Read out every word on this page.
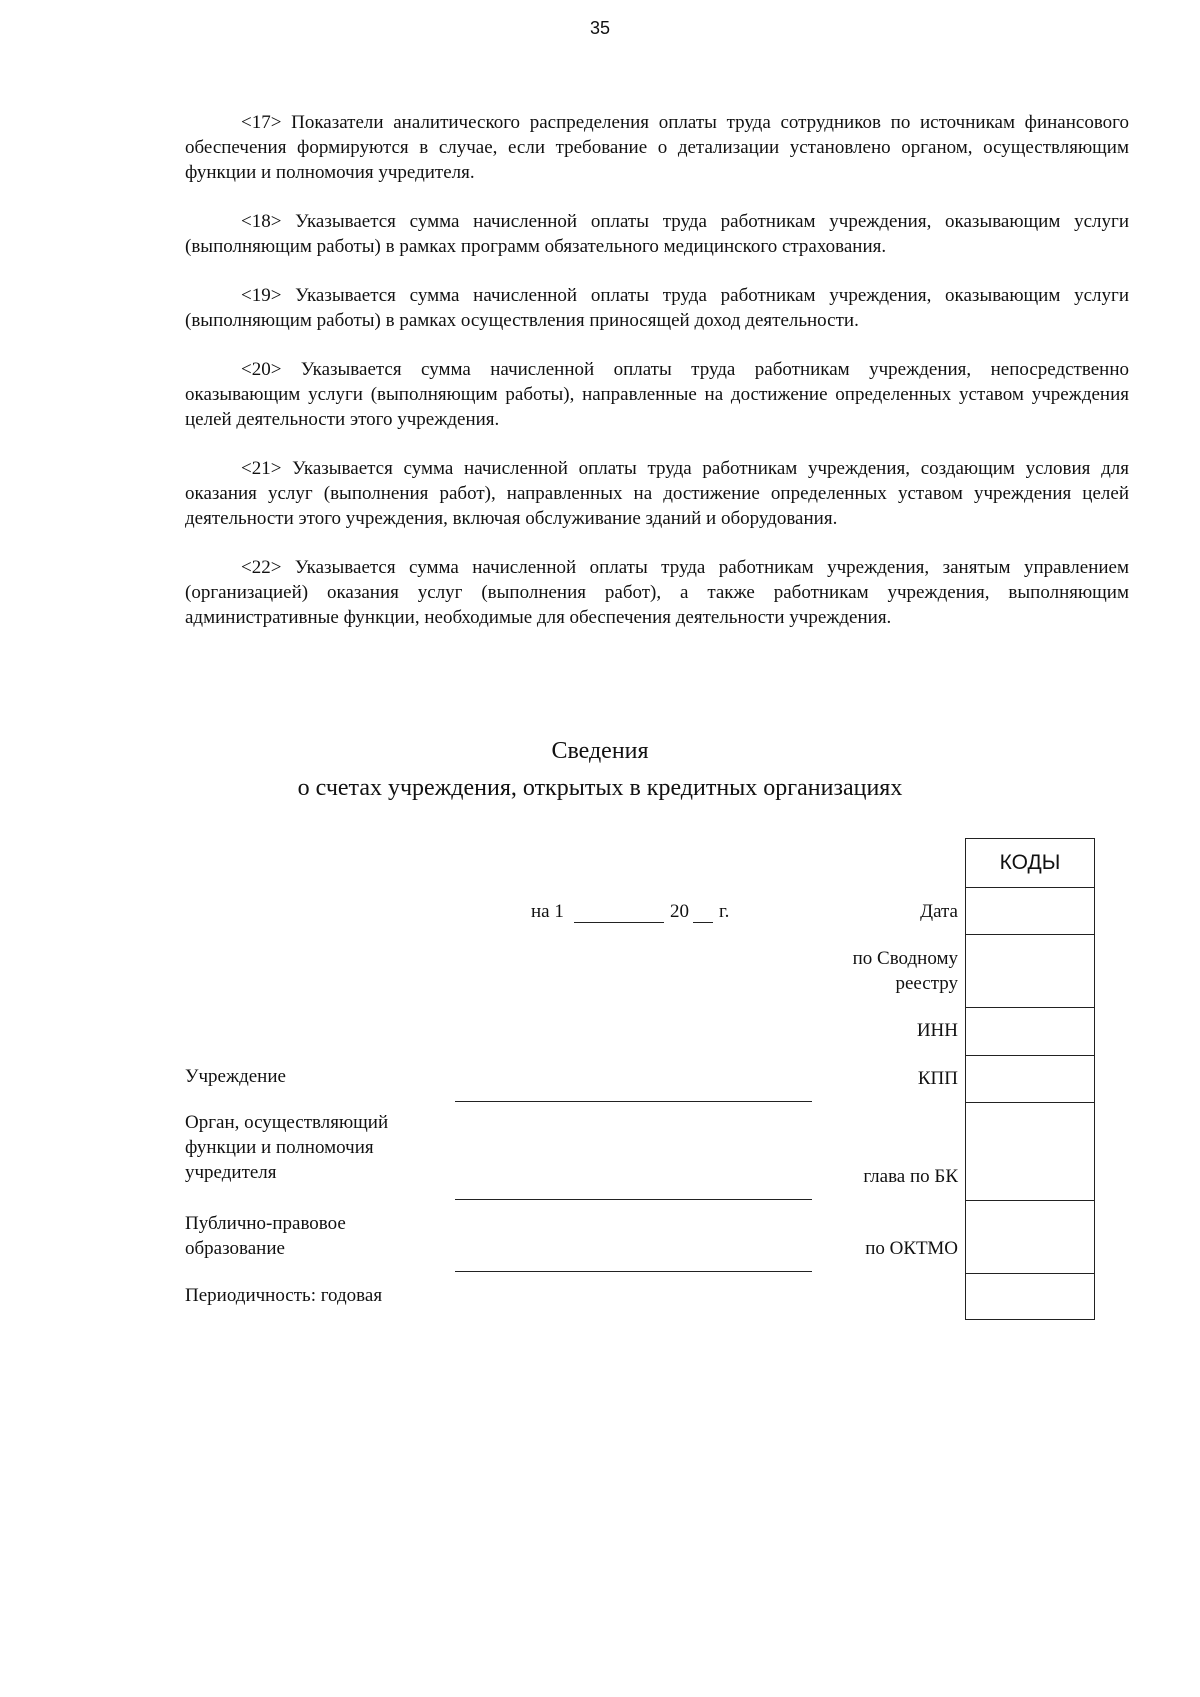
35

<17> Показатели аналитического распределения оплаты труда сотрудников по источникам финансового обеспечения формируются в случае, если требование о детализации установлено органом, осуществляющим функции и полномочия учредителя.

<18> Указывается сумма начисленной оплаты труда работникам учреждения, оказывающим услуги (выполняющим работы) в рамках программ обязательного медицинского страхования.

<19> Указывается сумма начисленной оплаты труда работникам учреждения, оказывающим услуги (выполняющим работы) в рамках осуществления приносящей доход деятельности.

<20> Указывается сумма начисленной оплаты труда работникам учреждения, непосредственно оказывающим услуги (выполняющим работы), направленные на достижение определенных уставом учреждения целей деятельности этого учреждения.

<21> Указывается сумма начисленной оплаты труда работникам учреждения, создающим условия для оказания услуг (выполнения работ), направленных на достижение определенных уставом учреждения целей деятельности этого учреждения, включая обслуживание зданий и оборудования.

<22> Указывается сумма начисленной оплаты труда работникам учреждения, занятым управлением (организацией) оказания услуг (выполнения работ), а также работникам учреждения, выполняющим административные функции, необходимые для обеспечения деятельности учреждения.

Сведения
о счетах учреждения, открытых в кредитных организациях
на 1	20 г.	Дата
по Сводному реестру
ИНН
КПП
глава по БК
по ОКТМО
Учреждение
Орган, осуществляющий функции и полномочия учредителя
Публично-правовое образование
Периодичность: годовая
КОДЫ
